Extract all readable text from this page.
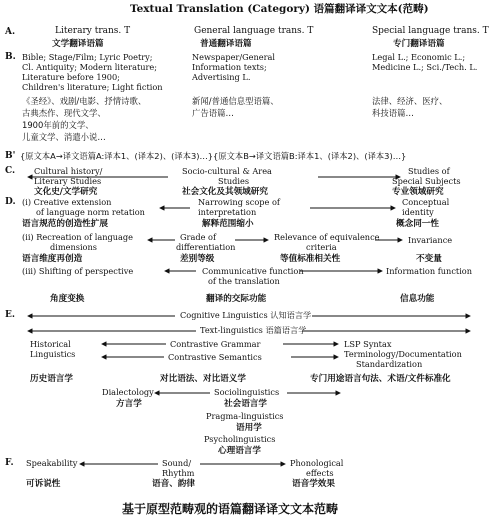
Textual Translation (Category) 语篇翻译译文文本(范畴)
A.
B.
B'
C.
D.
E.
F.
Literary trans. T
文学翻译语篇
General language trans. T
普通翻译语篇
Special language trans. T
专门翻译语篇
Bible; Stage/Film; Lyric Poetry;
Cl. Antiquity; Modern literature;
Literature before 1900;
Children's literature; Light fiction
《圣经》、戏剧/电影、抒情诗歌、
古典杰作、现代文学、
1900年前的文学、
儿童文学、消遣小说…
Newspaper/General
Information texts;
Advertising L.
新闻/普通信息型语篇、
广告语篇…
Legal L.; Economic L.;
Medicine L.; Sci./Tech. L.
法律、经济、医疗、
科技语篇…
{原文本A→译文语篇A:译本1、(译本2)、(译本3)…}{原文本B→译文语篇B:译本1、(译本2)、(译本3)…}
Cultural history/
Literary Studies
文化史/文学研究
Socio-cultural & Area
Studies
社会文化及其领域研究
Studies of
Special Subjects
专业领域研究
(i) Creative extension
of language norm retation
语言规范的创造性扩展
Narrowing scope of
interpretation
解释范围缩小
Conceptual
identity
概念同一性
(ii) Recreation of language
dimensions
语言维度再创造
Grade of
differentiation
差别等级
Relevance of equivalence
criteria
等值标准相关性
Invariance
不变量
(iii) Shifting of perspective
角度变换
Communicative function
of the translation
翻译的交际功能
Information function
信息功能
Cognitive Linguistics 认知语言学
Text-linguistics 语篇语言学
Historical
Linguistics
历史语言学
Contrastive Grammar
Contrastive Semantics
对比语法、对比语义学
LSP Syntax
Terminology/Documentation
Standardization
专门用途语言句法、术语/文件标准化
Dialectology
方言学
Sociolinguistics
社会语言学
Pragma-linguistics
语用学
Psycholinguistics
心理语言学
Speakability
可诉说性
Sound/
Rhythm
语音、韵律
Phonological
effects
语音学效果
基于原型范畴观的语篇翻译译文文本范畴
